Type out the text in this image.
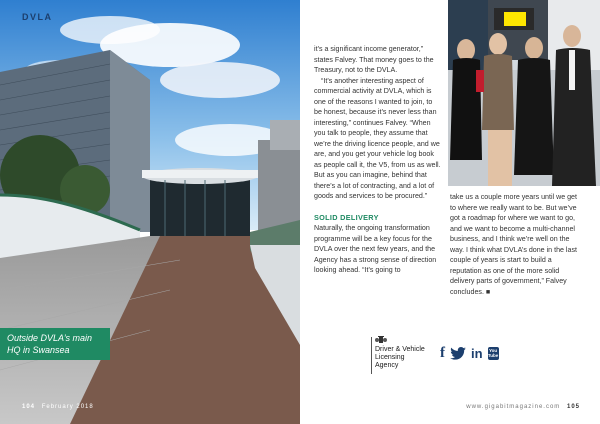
DVLA
Outside DVLA’s main HQ in Swansea
104 February 2018

it’s a significant income generator,” states Falvey. That money goes to the Treasury, not to the DVLA.

“It’s another interesting aspect of commercial activity at DVLA, which is one of the reasons I wanted to join, to be honest, because it’s never less than interesting,” continues Falvey. “When you talk to people, they assume that we’re the driving licence people, and we are, and you get your vehicle log book as people call it, the V5, from us as well. But as you can imagine, behind that there’s a lot of contracting, and a lot of goods and services to be procured.”

SOLID DELIVERY

Naturally, the ongoing transformation programme will be a key focus for the DVLA over the next few years, and the Agency has a strong sense of direction looking ahead. “It’s going to

take us a couple more years until we get to where we really want to be. But we’ve got a roadmap for where we want to go, and we want to become a multi-channel business, and I think we’re well on the way. I think what DVLA’s done in the last couple of years is start to build a reputation as one of the more solid delivery parts of government,” Falvey concludes. ■

Driver & Vehicle
Licensing
Agency
f in	You
Tube
www.gigabitmagazine.com 105
